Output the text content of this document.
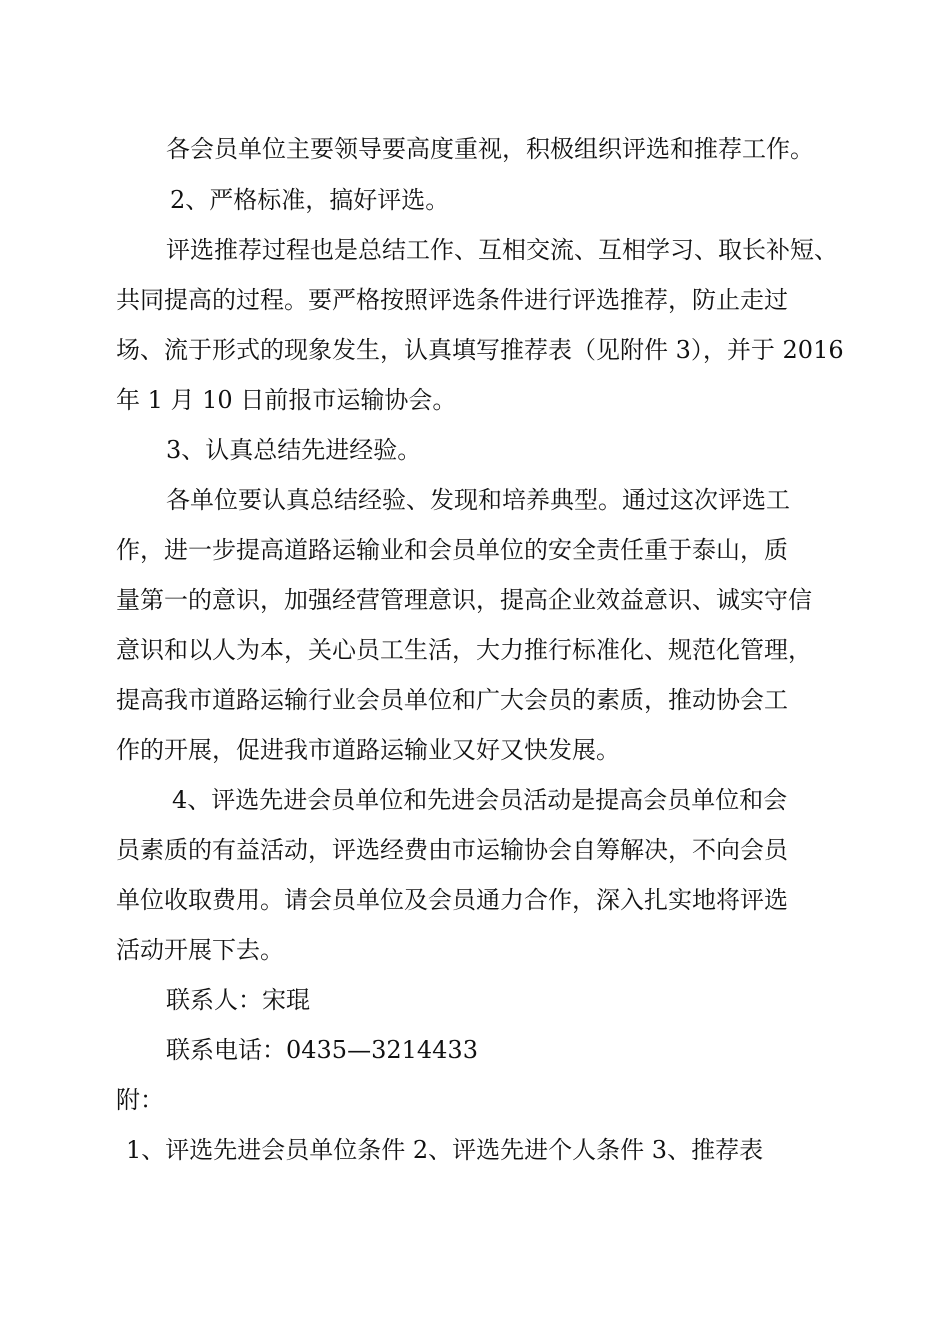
各会员单位主要领导要高度重视，积极组织评选和推荐工作。

2、严格标准，搞好评选。

评选推荐过程也是总结工作、互相交流、互相学习、取长补短、

共同提高的过程。要严格按照评选条件进行评选推荐，防止走过

场、流于形式的现象发生，认真填写推荐表（见附件 3），并于 2016

年 1 月 10 日前报市运输协会。

3、认真总结先进经验。

各单位要认真总结经验、发现和培养典型。通过这次评选工

作，进一步提高道路运输业和会员单位的安全责任重于泰山，质

量第一的意识，加强经营管理意识，提高企业效益意识、诚实守信

意识和以人为本，关心员工生活，大力推行标准化、规范化管理，

提高我市道路运输行业会员单位和广大会员的素质，推动协会工

作的开展，促进我市道路运输业又好又快发展。

4、评选先进会员单位和先进会员活动是提高会员单位和会

员素质的有益活动，评选经费由市运输协会自筹解决，不向会员

单位收取费用。请会员单位及会员通力合作，深入扎实地将评选

活动开展下去。

联系人：宋琨

联系电话：0435—3214433

附：

1、评选先进会员单位条件 2、评选先进个人条件 3、推荐表
